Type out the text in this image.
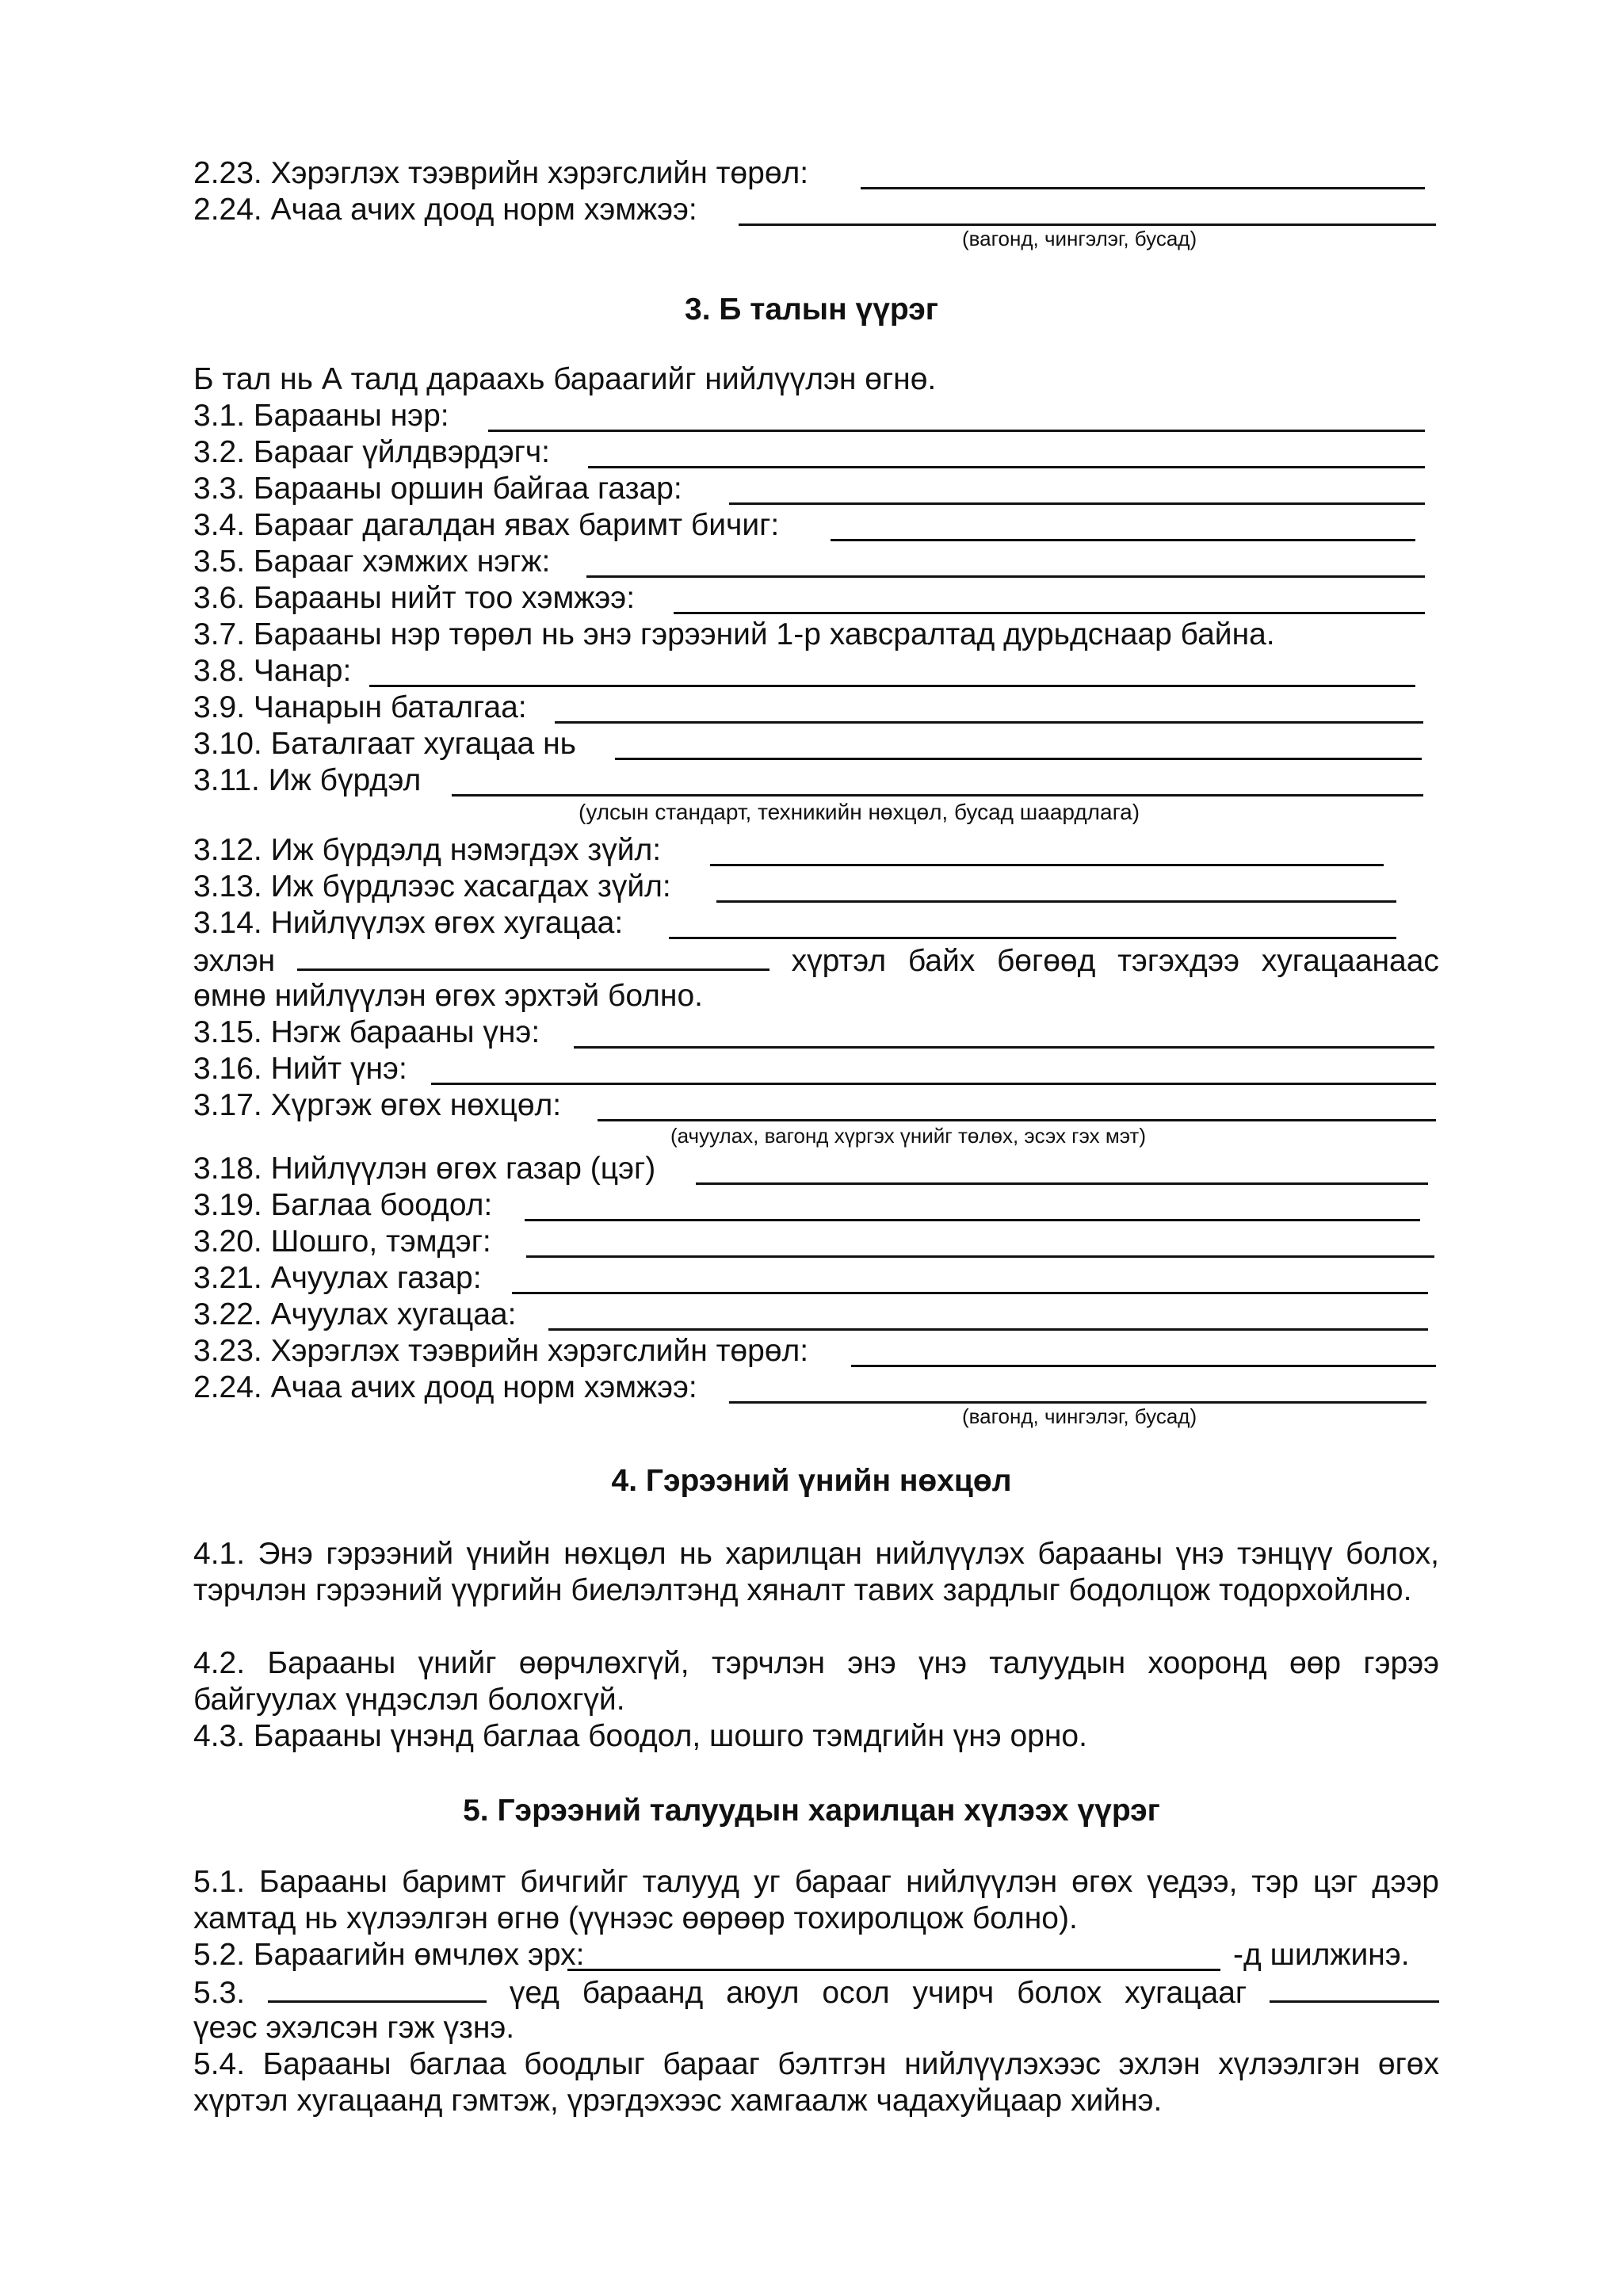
2.23. Хэрэглэх тээврийн хэрэгслийн төрөл:
2.24. Ачаа ачих доод норм хэмжээ:
(вагонд, чингэлэг, бусад)
3. Б талын үүрэг
Б тал нь А талд дараахь бараагийг нийлүүлэн өгнө.
3.1. Барааны нэр:
3.2. Барааг үйлдвэрдэгч:
3.3. Барааны оршин байгаа газар:
3.4. Барааг дагалдан явах баримт бичиг:
3.5. Барааг хэмжих нэгж:
3.6. Барааны нийт тоо хэмжээ:
3.7. Барааны нэр төрөл нь энэ гэрээний 1-р хавсралтад дурьдснаар байна.
3.8. Чанар:
3.9. Чанарын баталгаа:
3.10. Баталгаат хугацаа нь
3.11. Иж бүрдэл
(улсын стандарт, техникийн нөхцөл, бусад шаардлага)
3.12. Иж бүрдэлд нэмэгдэх зүйл:
3.13. Иж бүрдлээс хасагдах зүйл:
3.14. Нийлүүлэх өгөх хугацаа:
эхлэн	хүртэл байх бөгөөд тэгэхдээ хугацаанаас
өмнө нийлүүлэн өгөх эрхтэй болно.
3.15. Нэгж барааны үнэ:
3.16. Нийт үнэ:
3.17. Хүргэж өгөх нөхцөл:
(ачуулах, вагонд хүргэх үнийг төлөх, эсэх гэх мэт)
3.18. Нийлүүлэн өгөх газар (цэг)
3.19. Баглаа боодол:
3.20. Шошго, тэмдэг:
3.21. Ачуулах газар:
3.22. Ачуулах хугацаа:
3.23. Хэрэглэх тээврийн хэрэгслийн төрөл:
2.24. Ачаа ачих доод норм хэмжээ:
(вагонд, чингэлэг, бусад)
4. Гэрээний үнийн нөхцөл
4.1. Энэ гэрээний үнийн нөхцөл нь харилцан нийлүүлэх барааны үнэ тэнцүү болох, тэрчлэн гэрээний үүргийн биелэлтэнд хяналт тавих зардлыг бодолцож тодорхойлно.
4.2. Барааны үнийг өөрчлөхгүй, тэрчлэн энэ үнэ талуудын хооронд өөр гэрээ байгуулах үндэслэл болохгүй.
4.3. Барааны үнэнд баглаа боодол, шошго тэмдгийн үнэ орно.
5. Гэрээний талуудын харилцан хүлээх үүрэг
5.1. Барааны баримт бичгийг талууд уг барааг нийлүүлэн өгөх үедээ, тэр цэг дээр хамтад нь хүлээлгэн өгнө (үүнээс өөрөөр тохиролцож болно).
5.2. Бараагийн өмчлөх эрх:	-д шилжинэ.
5.3.	үед бараанд аюул осол учирч болох хугацааг
үеэс эхэлсэн гэж үзнэ.
5.4. Барааны баглаа боодлыг барааг бэлтгэн нийлүүлэхээс эхлэн хүлээлгэн өгөх хүртэл хугацаанд гэмтэж, үрэгдэхээс хамгаалж чадахуйцаар хийнэ.
